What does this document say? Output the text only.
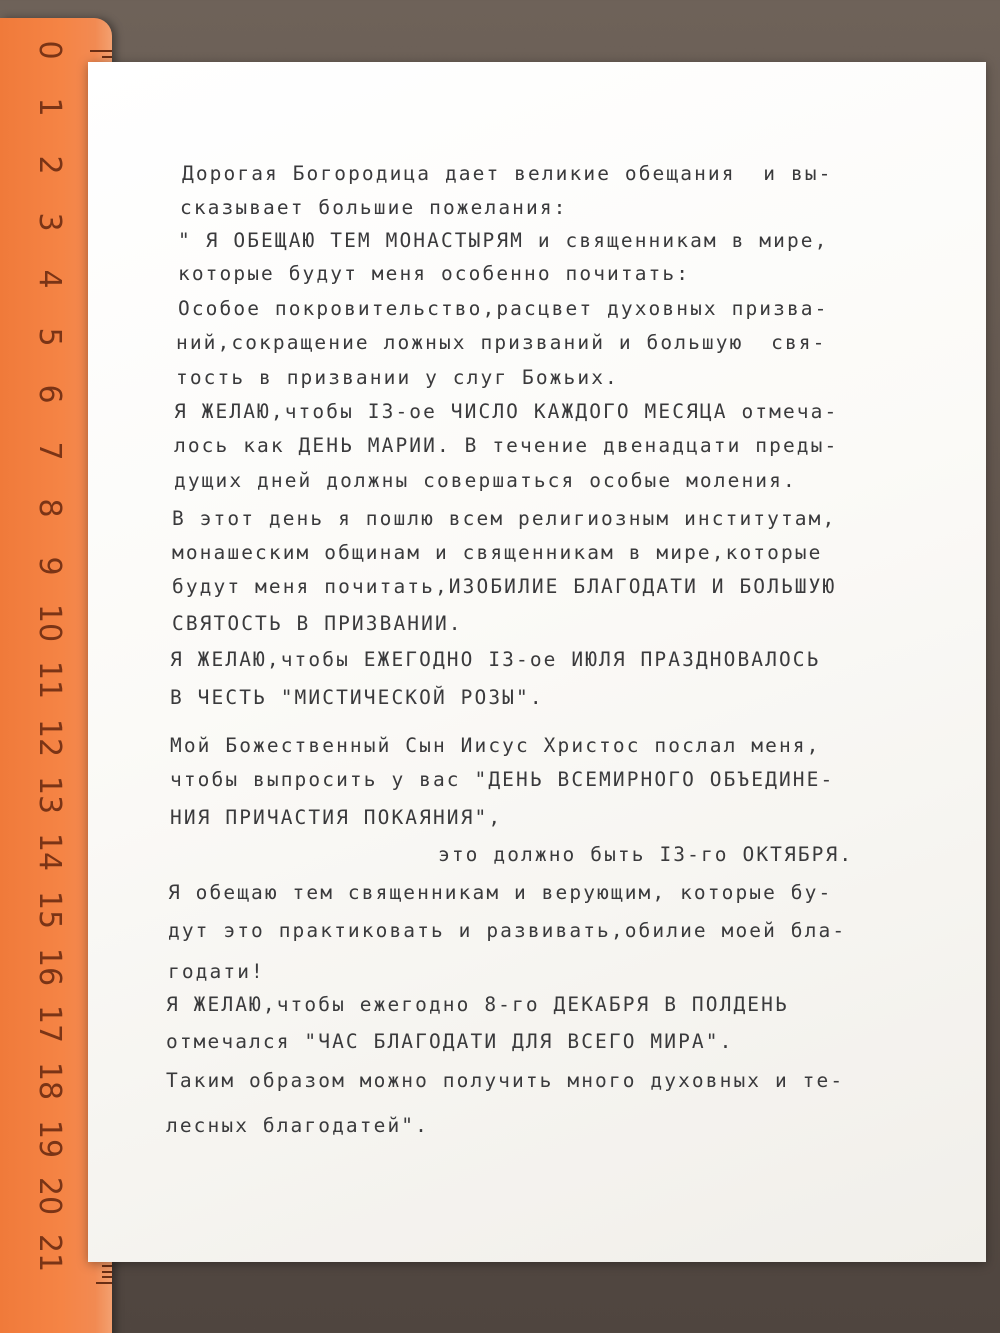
0
1
2
3
4
5
6
7
8
9
10
11
12
13
14
15
16
17
18
19
20
21
Дорогая Богородица дает великие обещания  и вы-
сказывает большие пожелания:
" Я ОБЕЩАЮ ТЕМ МОНАСТЫРЯМ и священникам в мире,
которые будут меня особенно почитать:
Особое покровительство,расцвет духовных призва-
ний,сокращение ложных призваний и большую  свя-
тость в призвании у слуг Божьих.
Я ЖЕЛАЮ,чтобы I3-ое ЧИСЛО КАЖДОГО МЕСЯЦА отмеча-
лось как ДЕНЬ МАРИИ. В течение двенадцати преды-
дущих дней должны совершаться особые моления.
В этот день я пошлю всем религиозным институтам,
монашеским общинам и священникам в мире,которые
будут меня почитать,ИЗОБИЛИЕ БЛАГОДАТИ И БОЛЬШУЮ
СВЯТОСТЬ В ПРИЗВАНИИ.
Я ЖЕЛАЮ,чтобы ЕЖЕГОДНО I3-ое ИЮЛЯ ПРАЗДНОВАЛОСЬ
В ЧЕСТЬ "МИСТИЧЕСКОЙ РОЗЫ".
Мой Божественный Сын Иисус Христос послал меня,
чтобы выпросить у вас "ДЕНЬ ВСЕМИРНОГО ОБЪЕДИНЕ-
НИЯ ПРИЧАСТИЯ ПОКАЯНИЯ",
это должно быть I3-го ОКТЯБРЯ.
Я обещаю тем священникам и верующим, которые бу-
дут это практиковать и развивать,обилие моей бла-
годати!
Я ЖЕЛАЮ,чтобы ежегодно 8-го ДЕКАБРЯ В ПОЛДЕНЬ
отмечался "ЧАС БЛАГОДАТИ ДЛЯ ВСЕГО МИРА".
Таким образом можно получить много духовных и те-
лесных благодатей".
